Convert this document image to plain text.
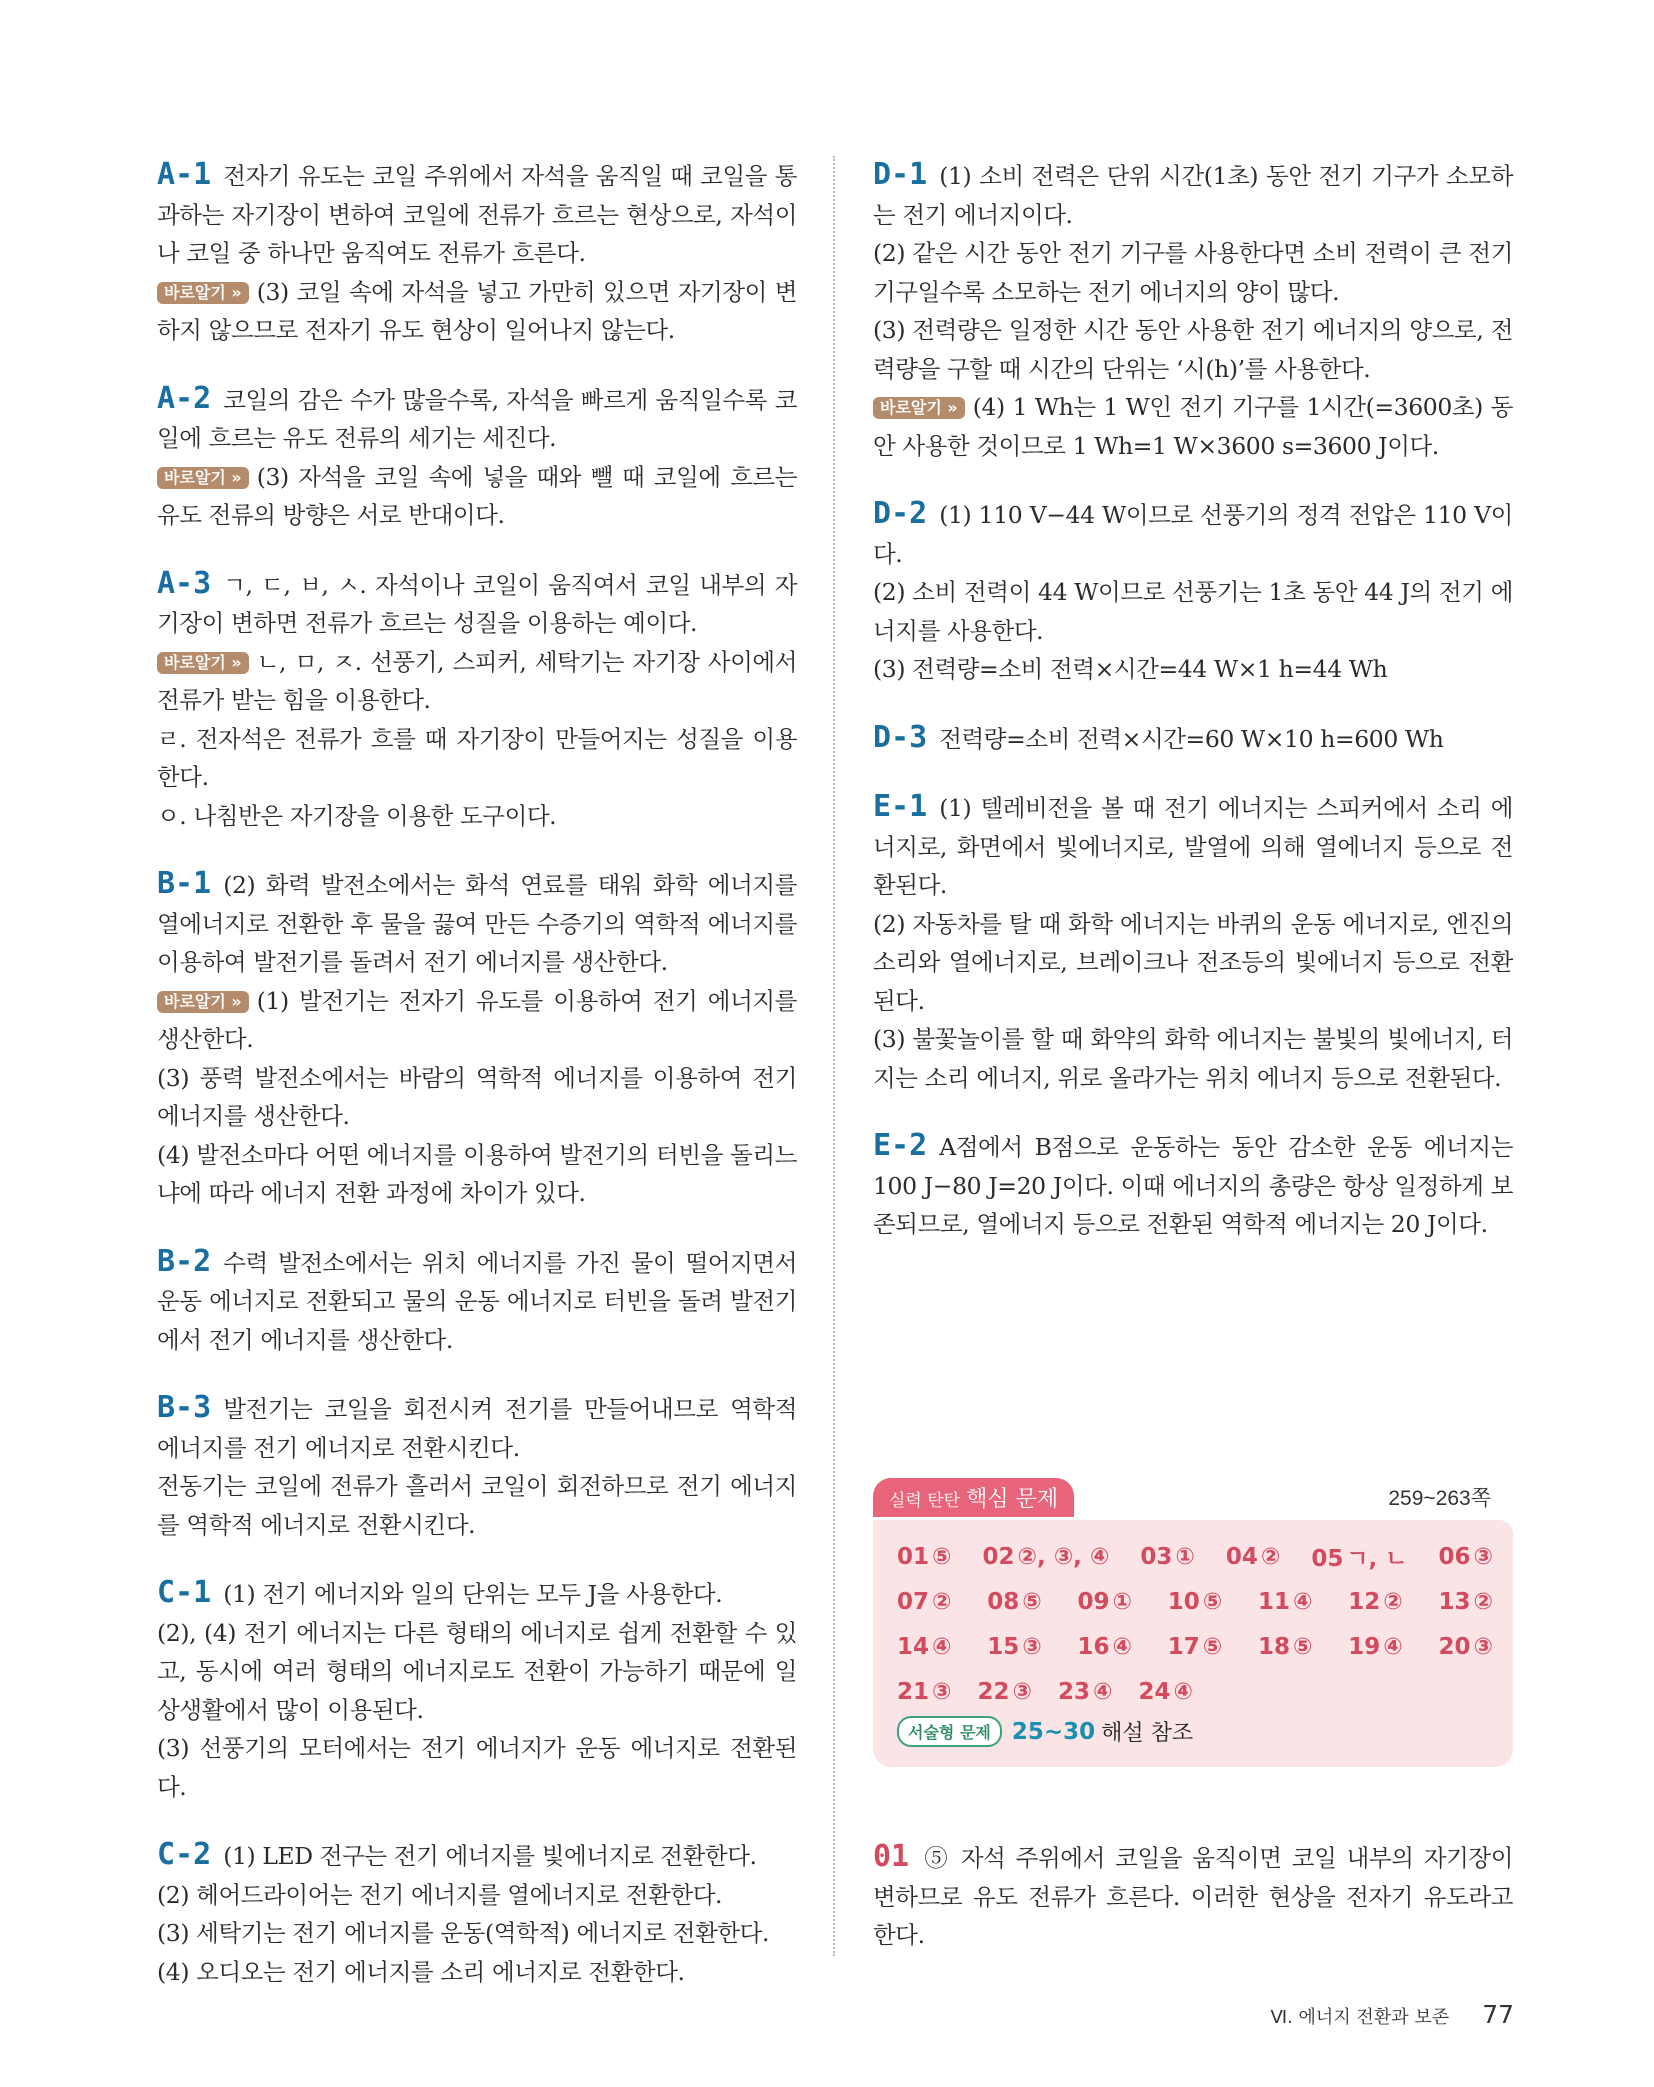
A-1 전자기 유도는 코일 주위에서 자석을 움직일 때 코일을 통과하는 자기장이 변하여 코일에 전류가 흐르는 현상으로, 자석이나 코일 중 하나만 움직여도 전류가 흐른다.

바로알기 » (3) 코일 속에 자석을 넣고 가만히 있으면 자기장이 변하지 않으므로 전자기 유도 현상이 일어나지 않는다.

A-2 코일의 감은 수가 많을수록, 자석을 빠르게 움직일수록 코일에 흐르는 유도 전류의 세기는 세진다.

바로알기 » (3) 자석을 코일 속에 넣을 때와 뺄 때 코일에 흐르는 유도 전류의 방향은 서로 반대이다.

A-3 ㄱ, ㄷ, ㅂ, ㅅ. 자석이나 코일이 움직여서 코일 내부의 자기장이 변하면 전류가 흐르는 성질을 이용하는 예이다.

바로알기 » ㄴ, ㅁ, ㅈ. 선풍기, 스피커, 세탁기는 자기장 사이에서 전류가 받는 힘을 이용한다.

ㄹ. 전자석은 전류가 흐를 때 자기장이 만들어지는 성질을 이용한다.

ㅇ. 나침반은 자기장을 이용한 도구이다.

B-1 (2) 화력 발전소에서는 화석 연료를 태워 화학 에너지를 열에너지로 전환한 후 물을 끓여 만든 수증기의 역학적 에너지를 이용하여 발전기를 돌려서 전기 에너지를 생산한다.

바로알기 » (1) 발전기는 전자기 유도를 이용하여 전기 에너지를 생산한다.

(3) 풍력 발전소에서는 바람의 역학적 에너지를 이용하여 전기 에너지를 생산한다.

(4) 발전소마다 어떤 에너지를 이용하여 발전기의 터빈을 돌리느냐에 따라 에너지 전환 과정에 차이가 있다.

B-2 수력 발전소에서는 위치 에너지를 가진 물이 떨어지면서 운동 에너지로 전환되고 물의 운동 에너지로 터빈을 돌려 발전기에서 전기 에너지를 생산한다.

B-3 발전기는 코일을 회전시켜 전기를 만들어내므로 역학적 에너지를 전기 에너지로 전환시킨다.

전동기는 코일에 전류가 흘러서 코일이 회전하므로 전기 에너지를 역학적 에너지로 전환시킨다.

C-1 (1) 전기 에너지와 일의 단위는 모두 J을 사용한다.

(2), (4) 전기 에너지는 다른 형태의 에너지로 쉽게 전환할 수 있고, 동시에 여러 형태의 에너지로도 전환이 가능하기 때문에 일상생활에서 많이 이용된다.

(3) 선풍기의 모터에서는 전기 에너지가 운동 에너지로 전환된다.

C-2 (1) LED 전구는 전기 에너지를 빛에너지로 전환한다.

(2) 헤어드라이어는 전기 에너지를 열에너지로 전환한다.

(3) 세탁기는 전기 에너지를 운동(역학적) 에너지로 전환한다.

(4) 오디오는 전기 에너지를 소리 에너지로 전환한다.

D-1 (1) 소비 전력은 단위 시간(1초) 동안 전기 기구가 소모하는 전기 에너지이다.

(2) 같은 시간 동안 전기 기구를 사용한다면 소비 전력이 큰 전기 기구일수록 소모하는 전기 에너지의 양이 많다.

(3) 전력량은 일정한 시간 동안 사용한 전기 에너지의 양으로, 전력량을 구할 때 시간의 단위는 ‘시(h)’를 사용한다.

바로알기 » (4) 1 Wh는 1 W인 전기 기구를 1시간(=3600초) 동안 사용한 것이므로 1 Wh=1 W×3600 s=3600 J이다.

D-2 (1) 110 V−44 W이므로 선풍기의 정격 전압은 110 V이다.

(2) 소비 전력이 44 W이므로 선풍기는 1초 동안 44 J의 전기 에너지를 사용한다.

(3) 전력량=소비 전력×시간=44 W×1 h=44 Wh

D-3 전력량=소비 전력×시간=60 W×10 h=600 Wh

E-1 (1) 텔레비전을 볼 때 전기 에너지는 스피커에서 소리 에너지로, 화면에서 빛에너지로, 발열에 의해 열에너지 등으로 전환된다.

(2) 자동차를 탈 때 화학 에너지는 바퀴의 운동 에너지로, 엔진의 소리와 열에너지로, 브레이크나 전조등의 빛에너지 등으로 전환된다.

(3) 불꽃놀이를 할 때 화약의 화학 에너지는 불빛의 빛에너지, 터지는 소리 에너지, 위로 올라가는 위치 에너지 등으로 전환된다.

E-2 A점에서 B점으로 운동하는 동안 감소한 운동 에너지는 100 J−80 J=20 J이다. 이때 에너지의 총량은 항상 일정하게 보존되므로, 열에너지 등으로 전환된 역학적 에너지는 20 J이다.

실력 탄탄 핵심 문제	259~263쪽
01 ⑤ 02 ②, ③, ④ 03 ① 04 ② 05 ㄱ, ㄴ 06 ③
07 ② 08 ⑤ 09 ① 10 ⑤ 11 ④ 12 ② 13 ②
14 ④ 15 ③ 16 ④ 17 ⑤ 18 ⑤ 19 ④ 20 ③
21 ③ 22 ③ 23 ④ 24 ④
서술형 문제 25~30 해설 참조

01 ⑤ 자석 주위에서 코일을 움직이면 코일 내부의 자기장이 변하므로 유도 전류가 흐른다. 이러한 현상을 전자기 유도라고 한다.

Ⅵ. 에너지 전환과 보존 77
